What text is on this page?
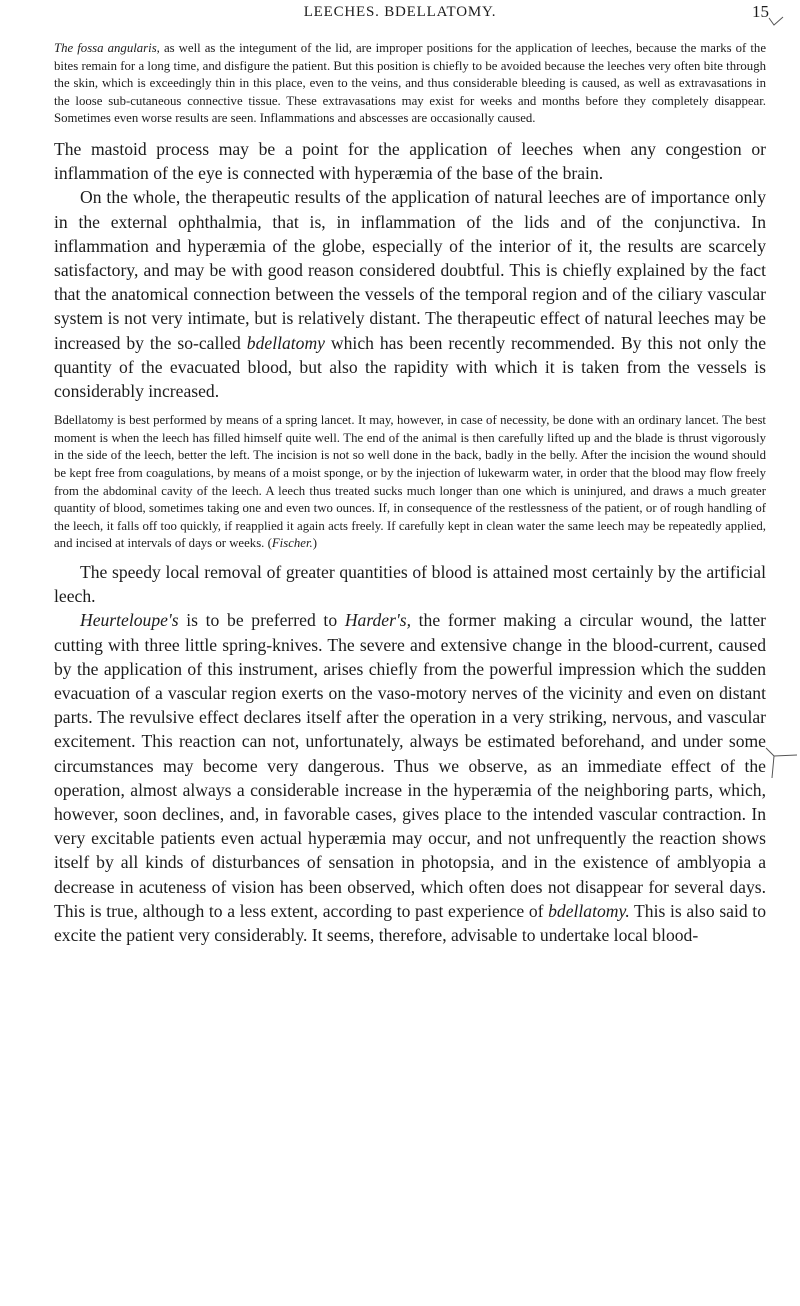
LEECHES. BDELLATOMY.	15

The fossa angularis, as well as the integument of the lid, are improper positions for the application of leeches, because the marks of the bites remain for a long time, and disfigure the patient. But this position is chiefly to be avoided because the leeches very often bite through the skin, which is exceedingly thin in this place, even to the veins, and thus considerable bleeding is caused, as well as extravasations in the loose sub-cutaneous connective tissue. These extravasations may exist for weeks and months before they completely disappear. Sometimes even worse results are seen. Inflammations and abscesses are occasionally caused.

The mastoid process may be a point for the application of leeches when any congestion or inflammation of the eye is connected with hyperæmia of the base of the brain.

On the whole, the therapeutic results of the application of natural leeches are of importance only in the external ophthalmia, that is, in inflammation of the lids and of the conjunctiva. In inflammation and hyperæmia of the globe, especially of the interior of it, the results are scarcely satisfactory, and may be with good reason considered doubtful. This is chiefly explained by the fact that the anatomical connection between the vessels of the temporal region and of the ciliary vascular system is not very intimate, but is relatively distant. The therapeutic effect of natural leeches may be increased by the so-called bdellatomy which has been recently recommended. By this not only the quantity of the evacuated blood, but also the rapidity with which it is taken from the vessels is considerably increased.

Bdellatomy is best performed by means of a spring lancet. It may, however, in case of necessity, be done with an ordinary lancet. The best moment is when the leech has filled himself quite well. The end of the animal is then carefully lifted up and the blade is thrust vigorously in the side of the leech, better the left. The incision is not so well done in the back, badly in the belly. After the incision the wound should be kept free from coagulations, by means of a moist sponge, or by the injection of lukewarm water, in order that the blood may flow freely from the abdominal cavity of the leech. A leech thus treated sucks much longer than one which is uninjured, and draws a much greater quantity of blood, sometimes taking one and even two ounces. If, in consequence of the restlessness of the patient, or of rough handling of the leech, it falls off too quickly, if reapplied it again acts freely. If carefully kept in clean water the same leech may be repeatedly applied, and incised at intervals of days or weeks. (Fischer.)

The speedy local removal of greater quantities of blood is attained most certainly by the artificial leech.

Heurteloupe's is to be preferred to Harder's, the former making a circular wound, the latter cutting with three little spring-knives. The severe and extensive change in the blood-current, caused by the application of this instrument, arises chiefly from the powerful impression which the sudden evacuation of a vascular region exerts on the vaso-motory nerves of the vicinity and even on distant parts. The revulsive effect declares itself after the operation in a very striking, nervous, and vascular excitement. This reaction can not, unfortunately, always be estimated beforehand, and under some circumstances may become very dangerous. Thus we observe, as an immediate effect of the operation, almost always a considerable increase in the hyperæmia of the neighboring parts, which, however, soon declines, and, in favorable cases, gives place to the intended vascular contraction. In very excitable patients even actual hyperæmia may occur, and not unfrequently the reaction shows itself by all kinds of disturbances of sensation in photopsia, and in the existence of amblyopia a decrease in acuteness of vision has been observed, which often does not disappear for several days. This is true, although to a less extent, according to past experience of bdellatomy. This is also said to excite the patient very considerably. It seems, therefore, advisable to undertake local blood-
